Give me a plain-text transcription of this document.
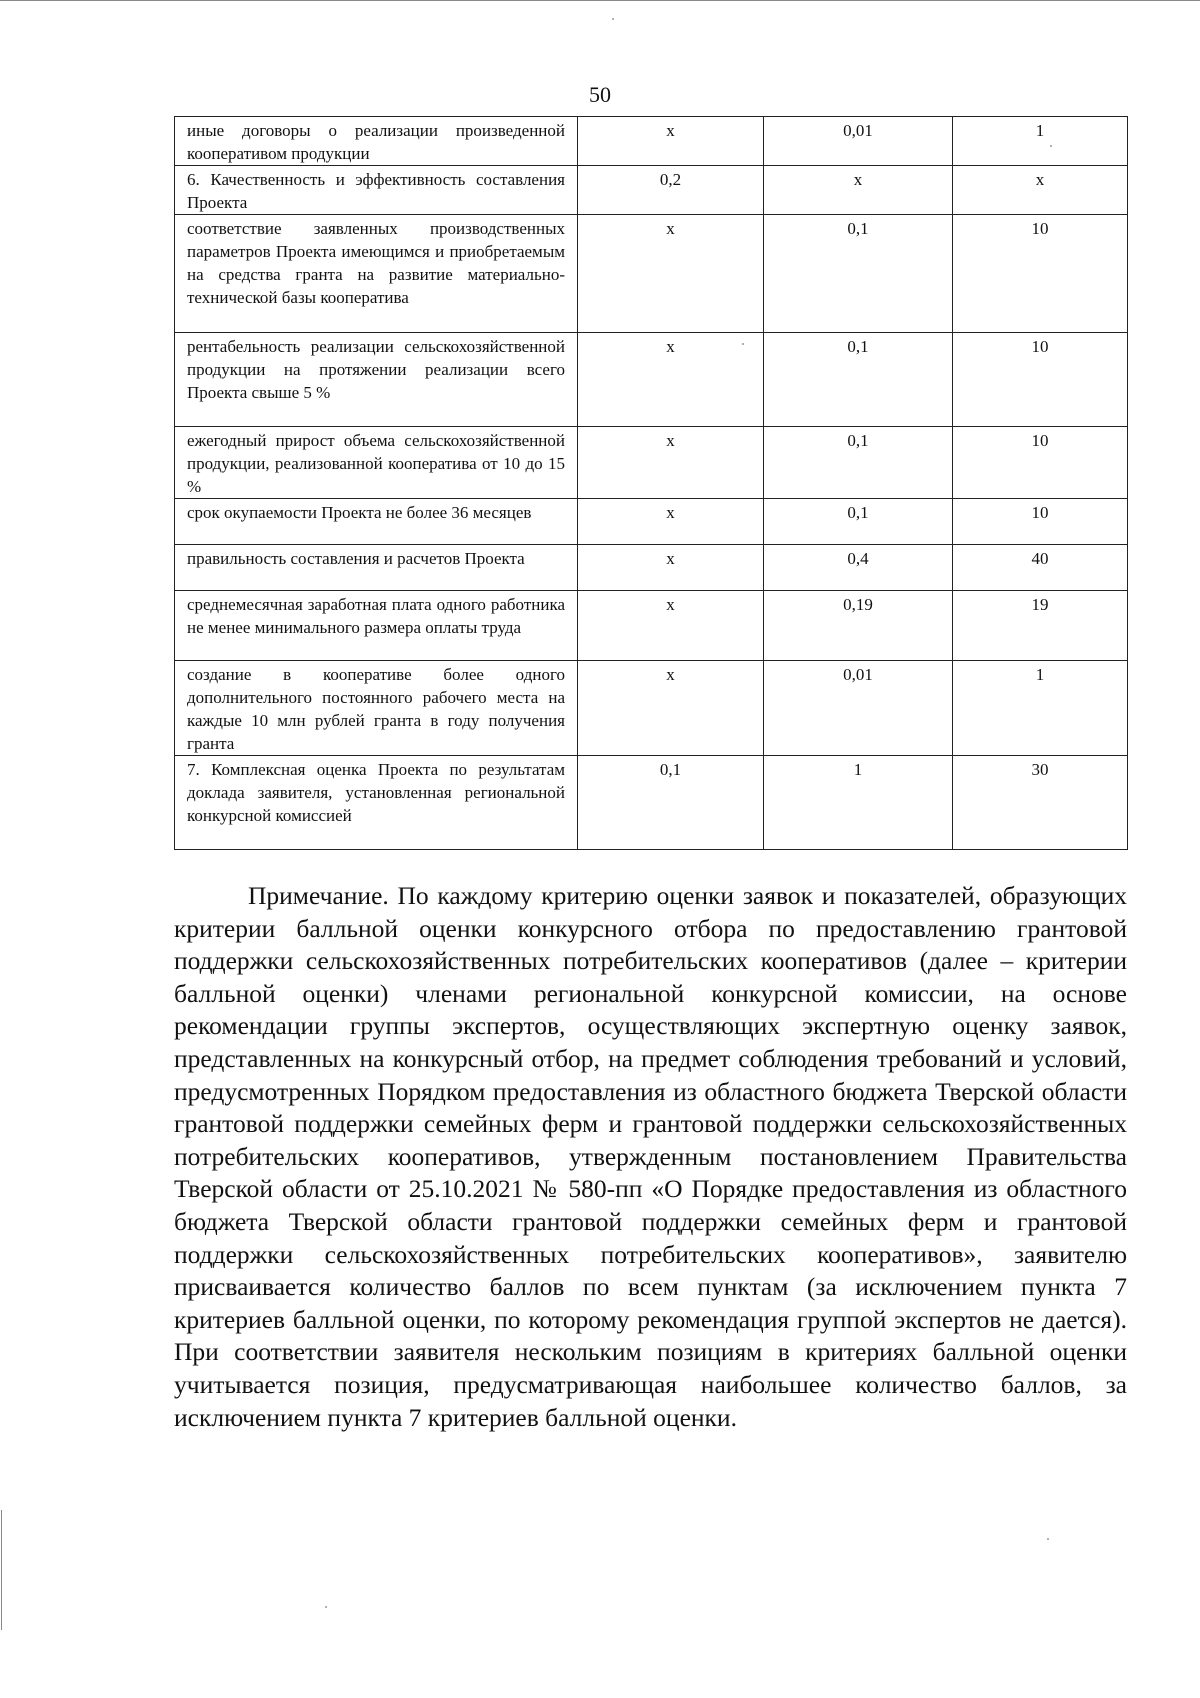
50
иные договоры о реализации произведенной кооперативом продукции	x	0,01	1
6. Качественность и эффективность составления Проекта	0,2	x	x
соответствие заявленных производственных параметров Проекта имеющимся и приобретаемым на средства гранта на развитие материально-технической базы кооператива	x	0,1	10
рентабельность реализации сельскохозяйственной продукции на протяжении реализации всего Проекта свыше 5 %	x	0,1	10
ежегодный прирост объема сельскохозяйственной продукции, реализованной кооператива от 10 до 15 %	x	0,1	10
срок окупаемости Проекта не более 36 месяцев	x	0,1	10
правильность составления и расчетов Проекта	x	0,4	40
среднемесячная заработная плата одного работника не менее минимального размера оплаты труда	x	0,19	19
создание в кооперативе более одного дополнительного постоянного рабочего места на каждые 10 млн рублей гранта в году получения гранта	x	0,01	1
7. Комплексная оценка Проекта по результатам доклада заявителя, установленная региональной конкурсной комиссией	0,1	1	30

Примечание. По каждому критерию оценки заявок и показателей, образующих критерии балльной оценки конкурсного отбора по предоставлению грантовой поддержки сельскохозяйственных потребительских кооперативов (далее – критерии балльной оценки) членами региональной конкурсной комиссии, на основе рекомендации группы экспертов, осуществляющих экспертную оценку заявок, представленных на конкурсный отбор, на предмет соблюдения требований и условий, предусмотренных Порядком предоставления из областного бюджета Тверской области грантовой поддержки семейных ферм и грантовой поддержки сельскохозяйственных потребительских кооперативов, утвержденным постановлением Правительства Тверской области от 25.10.2021 № 580-пп «О Порядке предоставления из областного бюджета Тверской области грантовой поддержки семейных ферм и грантовой поддержки сельскохозяйственных потребительских кооперативов», заявителю присваивается количество баллов по всем пунктам (за исключением пункта 7 критериев балльной оценки, по которому рекомендация группой экспертов не дается). При соответствии заявителя нескольким позициям в критериях балльной оценки учитывается позиция, предусматривающая наибольшее количество баллов, за исключением пункта 7 критериев балльной оценки.
